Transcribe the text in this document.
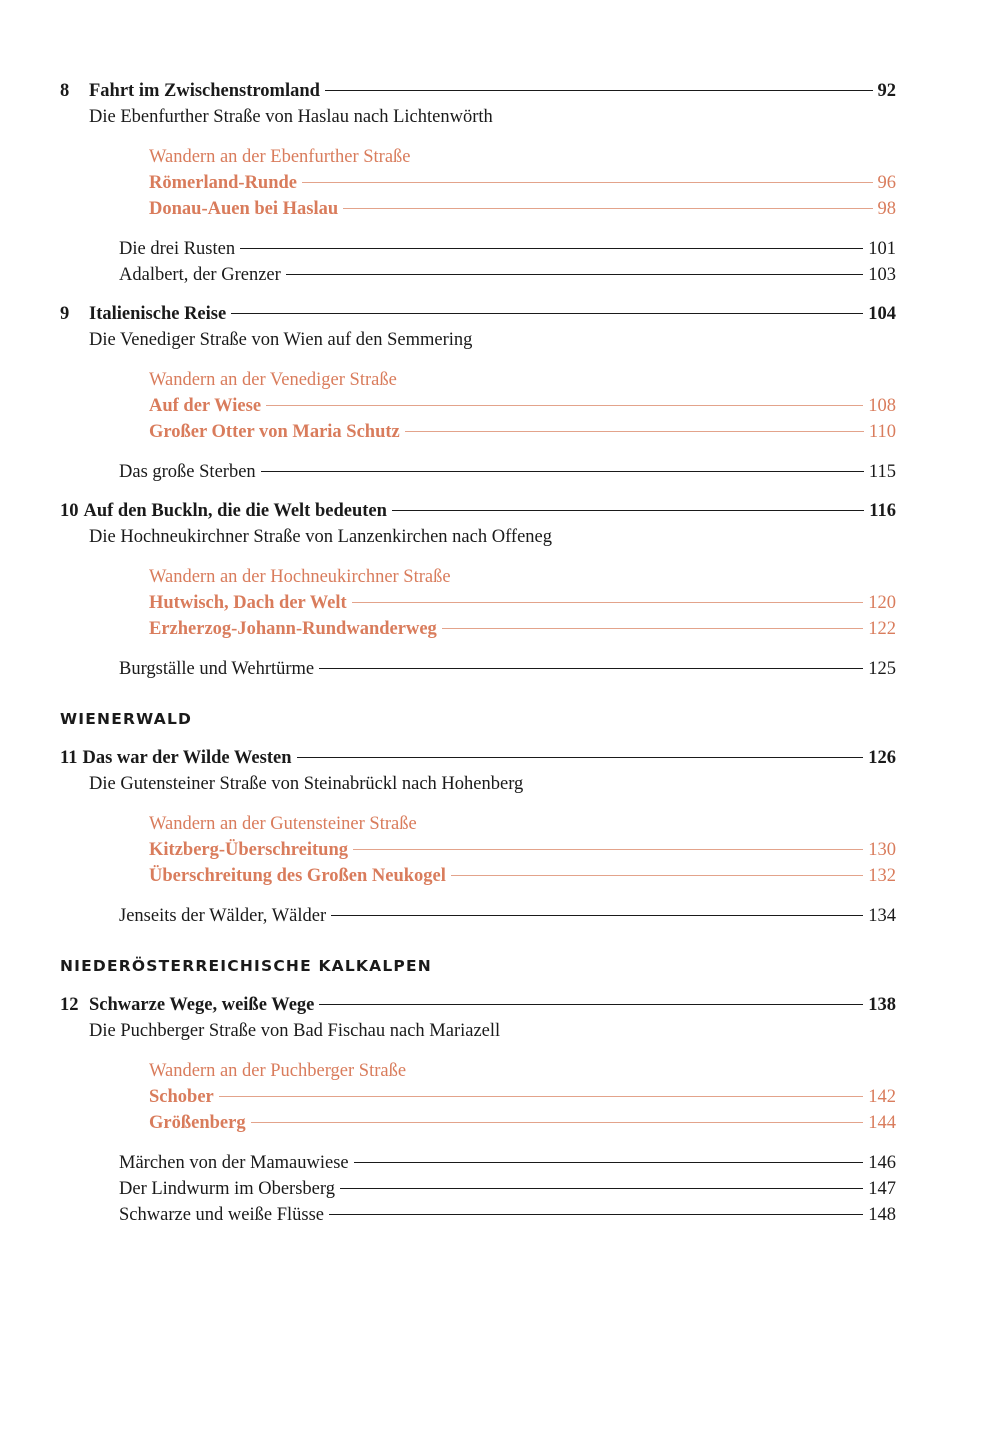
8	Fahrt im Zwischenstromland	92
Die Ebenfurther Straße von Haslau nach Lichtenwörth
Wandern an der Ebenfurther Straße
Römerland-Runde	96
Donau-Auen bei Haslau	98
Die drei Rusten	101
Adalbert, der Grenzer	103
9	Italienische Reise	104
Die Venediger Straße von Wien auf den Semmering
Wandern an der Venediger Straße
Auf der Wiese	108
Großer Otter von Maria Schutz	110
Das große Sterben	115
10 Auf den Buckln, die die Welt bedeuten	116
Die Hochneukirchner Straße von Lanzenkirchen nach Offeneg
Wandern an der Hochneukirchner Straße
Hutwisch, Dach der Welt	120
Erzherzog-Johann-Rundwanderweg	122
Burgställe und Wehrtürme	125
WIENERWALD
11 Das war der Wilde Westen	126
Die Gutensteiner Straße von Steinabrückl nach Hohenberg
Wandern an der Gutensteiner Straße
Kitzberg-Überschreitung	130
Überschreitung des Großen Neukogel	132
Jenseits der Wälder, Wälder	134
NIEDERÖSTERREICHISCHE KALKALPEN
12 Schwarze Wege, weiße Wege	138
Die Puchberger Straße von Bad Fischau nach Mariazell
Wandern an der Puchberger Straße
Schober	142
Größenberg	144
Märchen von der Mamauwiese	146
Der Lindwurm im Obersberg	147
Schwarze und weiße Flüsse	148
